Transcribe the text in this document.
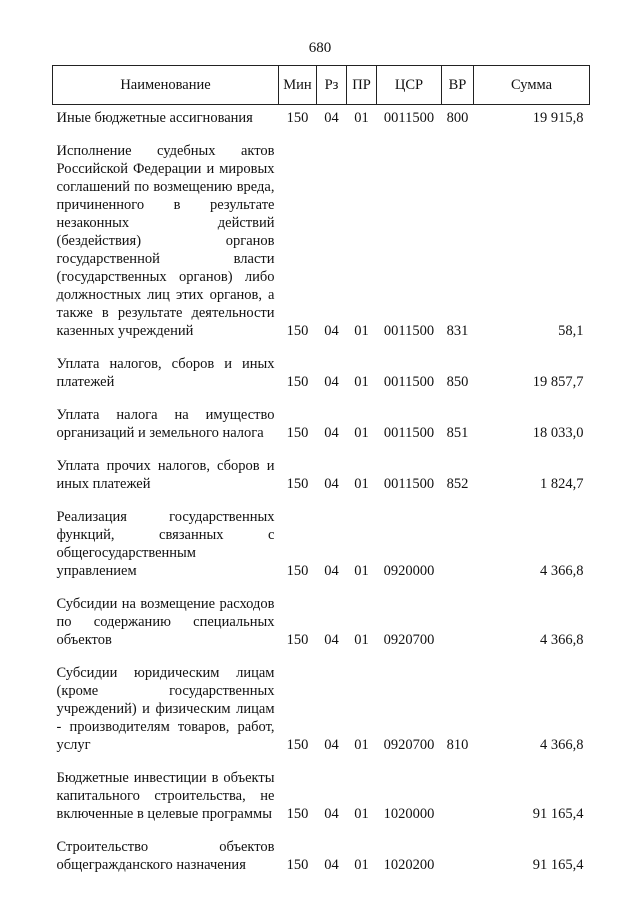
680
Наименование	Мин	Рз	ПР	ЦСР	ВР	Сумма
Иные бюджетные ассигнования	150	04	01	0011500	800	19 915,8
Исполнение судебных актов Российской Федерации и мировых соглашений по возмещению вреда, причиненного в результате незаконных действий (бездействия) органов государственной власти (государственных органов) либо должностных лиц этих органов, а также в результате деятельности казенных учреждений	150	04	01	0011500	831	58,1
Уплата налогов, сборов и иных платежей	150	04	01	0011500	850	19 857,7
Уплата налога на имущество организаций и земельного налога	150	04	01	0011500	851	18 033,0
Уплата прочих налогов, сборов и иных платежей	150	04	01	0011500	852	1 824,7
Реализация государственных функций, связанных с общегосударственным управлением	150	04	01	0920000		4 366,8
Субсидии на возмещение расходов по содержанию специальных объектов	150	04	01	0920700		4 366,8
Субсидии юридическим лицам (кроме государственных учреждений) и физическим лицам - производителям товаров, работ, услуг	150	04	01	0920700	810	4 366,8
Бюджетные инвестиции в объекты капитального строительства, не включенные в целевые программы	150	04	01	1020000		91 165,4
Строительство объектов общегражданского назначения	150	04	01	1020200		91 165,4
